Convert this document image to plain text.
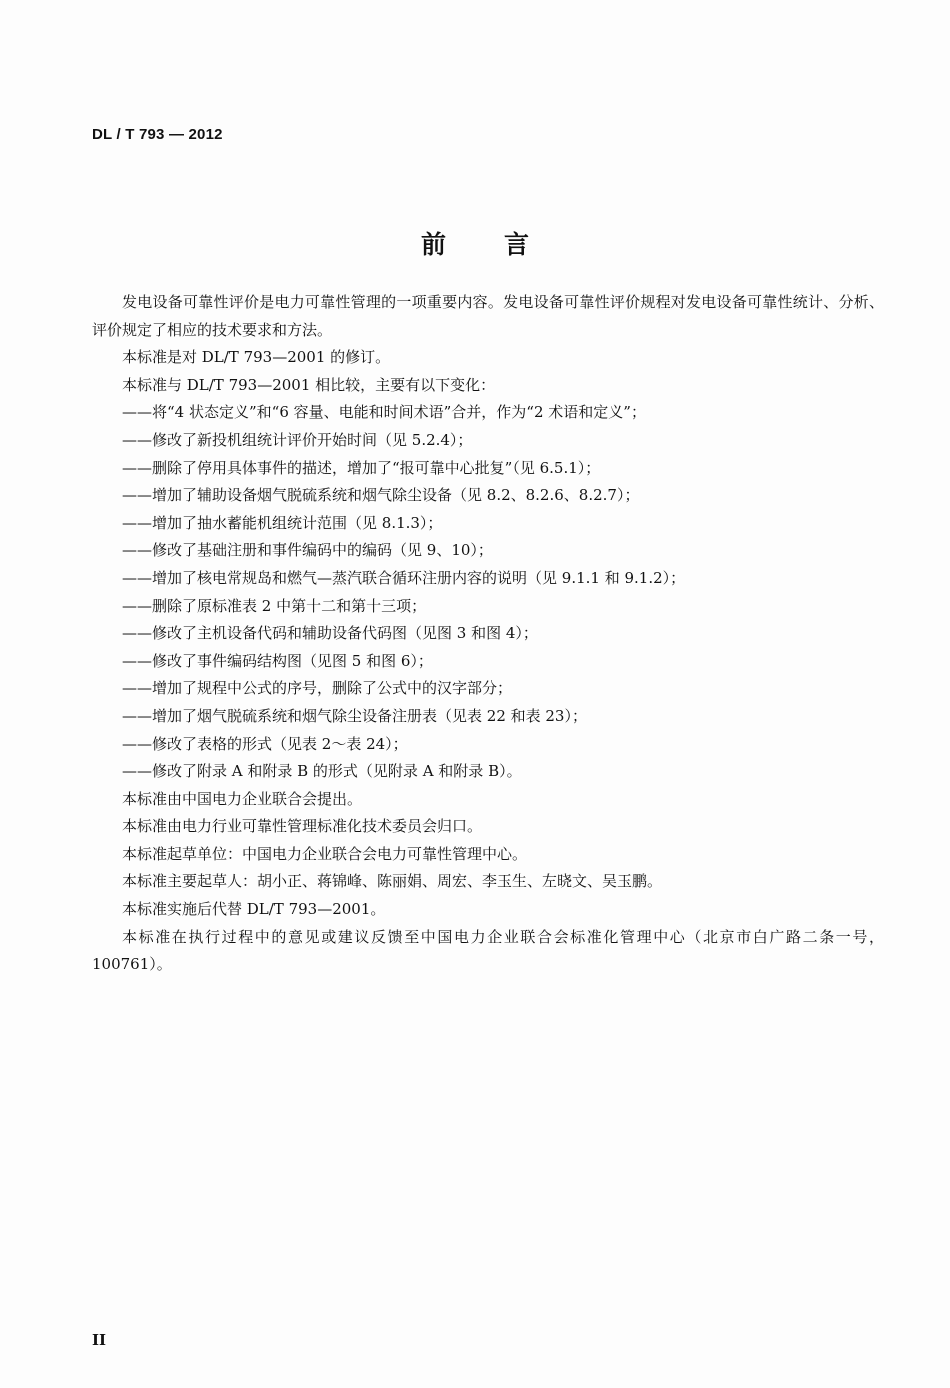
DL / T 793 — 2012
前言

发电设备可靠性评价是电力可靠性管理的一项重要内容。发电设备可靠性评价规程对发电设备可靠性统计、分析、评价规定了相应的技术要求和方法。

本标准是对 DL/T 793—2001 的修订。

本标准与 DL/T 793—2001 相比较，主要有以下变化：

——将“4 状态定义”和“6 容量、电能和时间术语”合并，作为“2 术语和定义”；

——修改了新投机组统计评价开始时间（见 5.2.4）；

——删除了停用具体事件的描述，增加了“报可靠中心批复”（见 6.5.1）；

——增加了辅助设备烟气脱硫系统和烟气除尘设备（见 8.2、8.2.6、8.2.7）；

——增加了抽水蓄能机组统计范围（见 8.1.3）；

——修改了基础注册和事件编码中的编码（见 9、10）；

——增加了核电常规岛和燃气—蒸汽联合循环注册内容的说明（见 9.1.1 和 9.1.2）；

——删除了原标准表 2 中第十二和第十三项；

——修改了主机设备代码和辅助设备代码图（见图 3 和图 4）；

——修改了事件编码结构图（见图 5 和图 6）；

——增加了规程中公式的序号，删除了公式中的汉字部分；

——增加了烟气脱硫系统和烟气除尘设备注册表（见表 22 和表 23）；

——修改了表格的形式（见表 2～表 24）；

——修改了附录 A 和附录 B 的形式（见附录 A 和附录 B）。

本标准由中国电力企业联合会提出。

本标准由电力行业可靠性管理标准化技术委员会归口。

本标准起草单位：中国电力企业联合会电力可靠性管理中心。

本标准主要起草人：胡小正、蒋锦峰、陈丽娟、周宏、李玉生、左晓文、吴玉鹏。

本标准实施后代替 DL/T 793—2001。

本标准在执行过程中的意见或建议反馈至中国电力企业联合会标准化管理中心（北京市白广路二条一号，100761）。

II
